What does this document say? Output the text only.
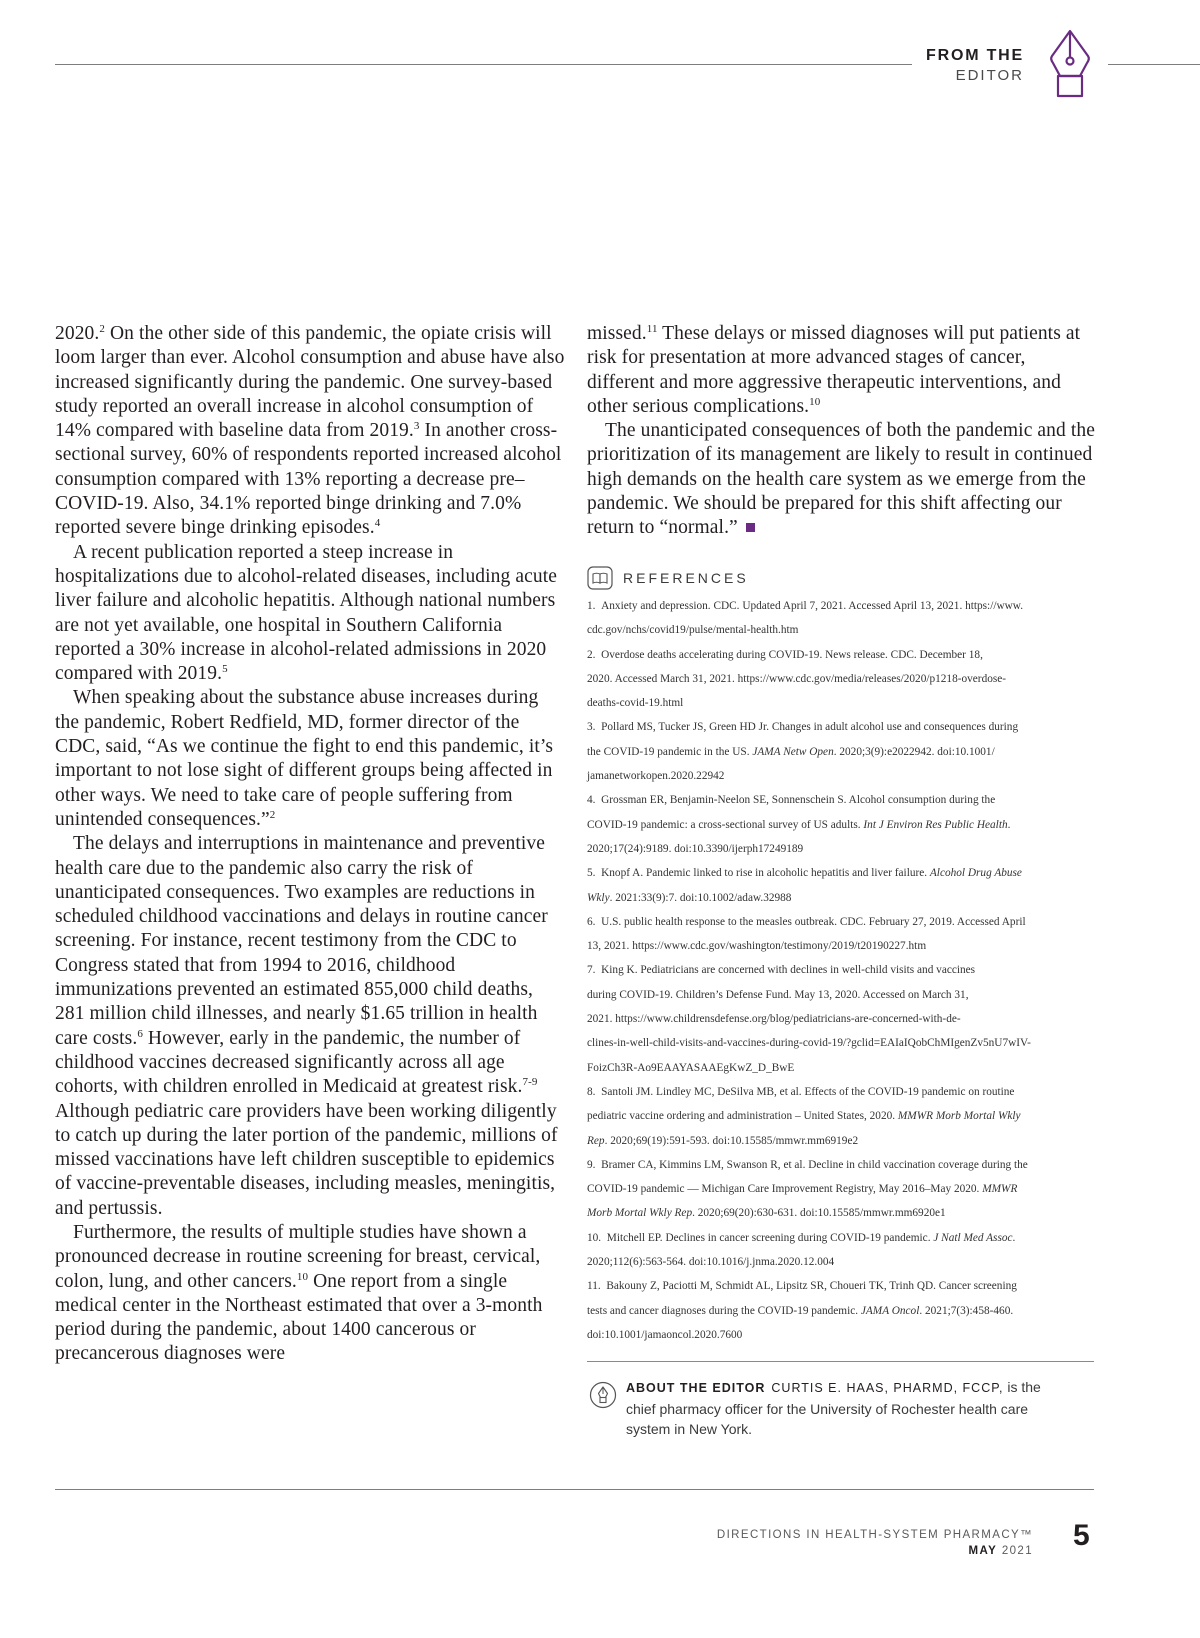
FROM THE
EDITOR

2020.$^2$ On the other side of this pandemic, the opiate crisis will loom larger than ever. Alcohol consumption and abuse have also increased significantly during the pandemic. One survey-based study reported an overall increase in alcohol consumption of 14% compared with baseline data from 2019.$^3$ In another cross-sectional survey, 60% of respondents reported increased alcohol consumption compared with 13% reporting a decrease pre–COVID-19. Also, 34.1% reported binge drinking and 7.0% reported severe binge drinking episodes.$^4$

A recent publication reported a steep increase in hospitalizations due to alcohol-related diseases, including acute liver failure and alcoholic hepatitis. Although national numbers are not yet available, one hospital in Southern California reported a 30% increase in alcohol-related admissions in 2020 compared with 2019.$^5$

When speaking about the substance abuse increases during the pandemic, Robert Redfield, MD, former director of the CDC, said, “As we continue the fight to end this pandemic, it’s important to not lose sight of different groups being affected in other ways. We need to take care of people suffering from unintended consequences.”$^2$

The delays and interruptions in maintenance and preventive health care due to the pandemic also carry the risk of unanticipated consequences. Two examples are reductions in scheduled childhood vaccinations and delays in routine cancer screening. For instance, recent testimony from the CDC to Congress stated that from 1994 to 2016, childhood immunizations prevented an estimated 855,000 child deaths, 281 million child illnesses, and nearly $1.65 trillion in health care costs.$^6$ However, early in the pandemic, the number of childhood vaccines decreased significantly across all age cohorts, with children enrolled in Medicaid at greatest risk.$^{7-9}$ Although pediatric care providers have been working diligently to catch up during the later portion of the pandemic, millions of missed vaccinations have left children susceptible to epidemics of vaccine-preventable diseases, including measles, meningitis, and pertussis.

Furthermore, the results of multiple studies have shown a pronounced decrease in routine screening for breast, cervical, colon, lung, and other cancers.$^{10}$ One report from a single medical center in the Northeast estimated that over a 3-month period during the pandemic, about 1400 cancerous or precancerous diagnoses were

missed.$^{11}$ These delays or missed diagnoses will put patients at risk for presentation at more advanced stages of cancer, different and more aggressive therapeutic interventions, and other serious complications.$^{10}$

The unanticipated consequences of both the pandemic and the prioritization of its management are likely to result in continued high demands on the health care system as we emerge from the pandemic. We should be prepared for this shift affecting our return to “normal.”

REFERENCES
1.  Anxiety and depression. CDC. Updated April 7, 2021. Accessed April 13, 2021. https://www.
cdc.gov/nchs/covid19/pulse/mental-health.htm
2.  Overdose deaths accelerating during COVID-19. News release. CDC. December 18,
2020. Accessed March 31, 2021. https://www.cdc.gov/media/releases/2020/p1218-overdose-
deaths-covid-19.html
3.  Pollard MS, Tucker JS, Green HD Jr. Changes in adult alcohol use and consequences during
the COVID-19 pandemic in the US. JAMA Netw Open. 2020;3(9):e2022942. doi:10.1001/
jamanetworkopen.2020.22942
4.  Grossman ER, Benjamin-Neelon SE, Sonnenschein S. Alcohol consumption during the
COVID-19 pandemic: a cross-sectional survey of US adults. Int J Environ Res Public Health.
2020;17(24):9189. doi:10.3390/ijerph17249189
5.  Knopf A. Pandemic linked to rise in alcoholic hepatitis and liver failure. Alcohol Drug Abuse
Wkly. 2021:33(9):7. doi:10.1002/adaw.32988
6.  U.S. public health response to the measles outbreak. CDC. February 27, 2019. Accessed April
13, 2021. https://www.cdc.gov/washington/testimony/2019/t20190227.htm
7.  King K. Pediatricians are concerned with declines in well-child visits and vaccines
during COVID-19. Children’s Defense Fund. May 13, 2020. Accessed on March 31,
2021. https://www.childrensdefense.org/blog/pediatricians-are-concerned-with-de-
clines-in-well-child-visits-and-vaccines-during-covid-19/?gclid=EAIaIQobChMIgenZv5nU7wIV-
FoizCh3R-Ao9EAAYASAAEgKwZ_D_BwE
8.  Santoli JM. Lindley MC, DeSilva MB, et al. Effects of the COVID-19 pandemic on routine
pediatric vaccine ordering and administration – United States, 2020. MMWR Morb Mortal Wkly
Rep. 2020;69(19):591-593. doi:10.15585/mmwr.mm6919e2
9.  Bramer CA, Kimmins LM, Swanson R, et al. Decline in child vaccination coverage during the
COVID-19 pandemic — Michigan Care Improvement Registry, May 2016–May 2020. MMWR
Morb Mortal Wkly Rep. 2020;69(20):630-631. doi:10.15585/mmwr.mm6920e1
10.  Mitchell EP. Declines in cancer screening during COVID-19 pandemic. J Natl Med Assoc.
2020;112(6):563-564. doi:10.1016/j.jnma.2020.12.004
11.  Bakouny Z, Paciotti M, Schmidt AL, Lipsitz SR, Choueri TK, Trinh QD. Cancer screening
tests and cancer diagnoses during the COVID-19 pandemic. JAMA Oncol. 2021;7(3):458-460.
doi:10.1001/jamaoncol.2020.7600
ABOUT THE EDITOR CURTIS E. HAAS, PHARMD, FCCP, is the
chief pharmacy officer for the University of Rochester health care
system in New York.
DIRECTIONS IN HEALTH-SYSTEM PHARMACY™
MAY 2021 5
